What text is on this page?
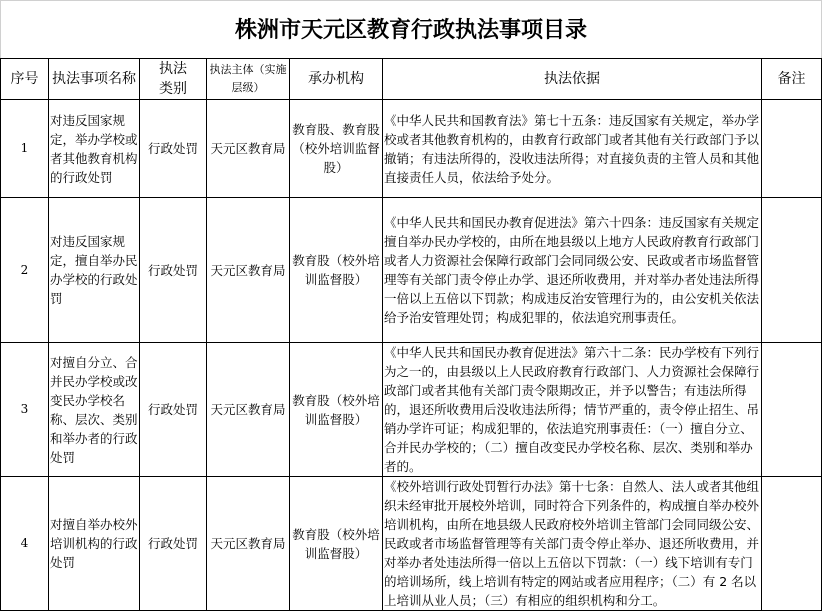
株洲市天元区教育行政执法事项目录
序号	执法事项名称	执法类别	执法主体（实施层级）	承办机构	执法依据	备注
1	对违反国家规定，举办学校或者其他教育机构的行政处罚	行政处罚	天元区教育局	教育股、教育股（校外培训监督股）	《中华人民共和国教育法》第七十五条：违反国家有关规定，举办学校或者其他教育机构的，由教育行政部门或者其他有关行政部门予以撤销；有违法所得的，没收违法所得；对直接负责的主管人员和其他直接责任人员，依法给予处分。	
2	对违反国家规定，擅自举办民办学校的行政处罚	行政处罚	天元区教育局	教育股（校外培训监督股）	《中华人民共和国民办教育促进法》第六十四条：违反国家有关规定擅自举办民办学校的，由所在地县级以上地方人民政府教育行政部门或者人力资源社会保障行政部门会同同级公安、民政或者市场监督管理等有关部门责令停止办学、退还所收费用，并对举办者处违法所得一倍以上五倍以下罚款；构成违反治安管理行为的，由公安机关依法给予治安管理处罚；构成犯罪的，依法追究刑事责任。	
3	对擅自分立、合并民办学校或改变民办学校名称、层次、类别和举办者的行政处罚	行政处罚	天元区教育局	教育股（校外培训监督股）	《中华人民共和国民办教育促进法》第六十二条：民办学校有下列行为之一的，由县级以上人民政府教育行政部门、人力资源社会保障行政部门或者其他有关部门责令限期改正，并予以警告；有违法所得的，退还所收费用后没收违法所得；情节严重的，责令停止招生、吊销办学许可证；构成犯罪的，依法追究刑事责任：（一）擅自分立、合并民办学校的；（二）擅自改变民办学校名称、层次、类别和举办者的。	
4	对擅自举办校外培训机构的行政处罚	行政处罚	天元区教育局	教育股（校外培训监督股）	《校外培训行政处罚暂行办法》第十七条：自然人、法人或者其他组织未经审批开展校外培训，同时符合下列条件的，构成擅自举办校外培训机构，由所在地县级人民政府校外培训主管部门会同同级公安、民政或者市场监督管理等有关部门责令停止举办、退还所收费用，并对举办者处违法所得一倍以上五倍以下罚款：（一）线下培训有专门的培训场所，线上培训有特定的网站或者应用程序；（二）有 2 名以上培训从业人员；（三）有相应的组织机构和分工。	
